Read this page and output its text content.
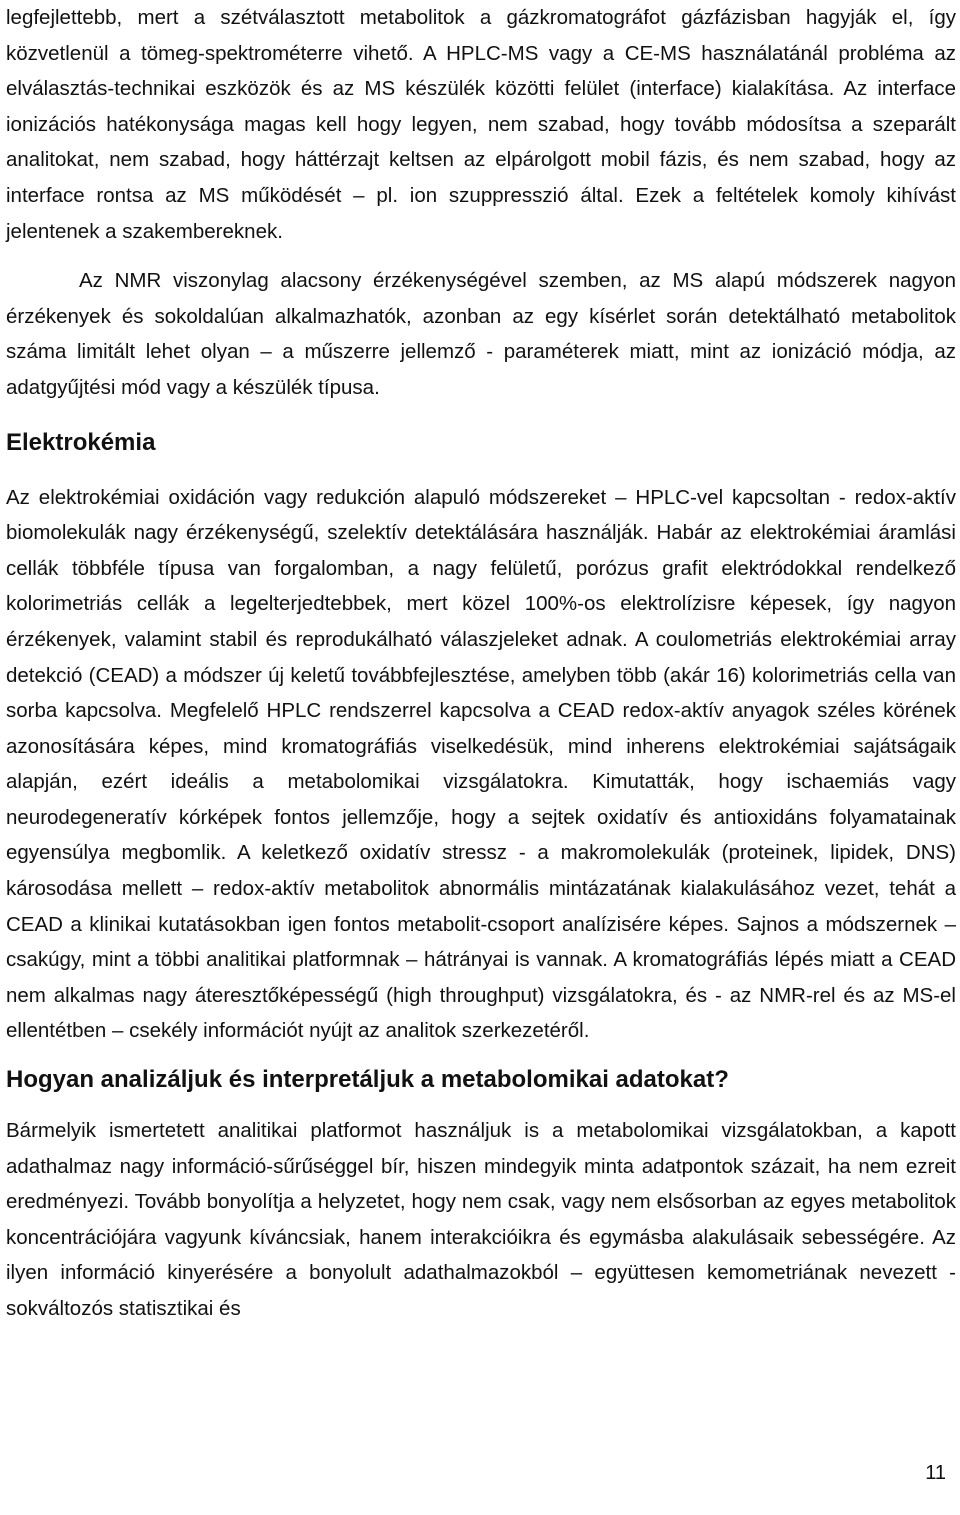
legfejlettebb, mert a szétválasztott metabolitok a gázkromatográfot gázfázisban hagyják el, így közvetlenül a tömeg-spektrométerre vihető. A HPLC-MS vagy a CE-MS használatánál probléma az elválasztás-technikai eszközök és az MS készülék közötti felület (interface) kialakítása. Az interface ionizációs hatékonysága magas kell hogy legyen, nem szabad, hogy tovább módosítsa a szeparált analitokat, nem szabad, hogy háttérzajt keltsen az elpárolgott mobil fázis, és nem szabad, hogy az interface rontsa az MS működését – pl. ion szuppresszió által. Ezek a feltételek komoly kihívást jelentenek a szakembereknek.

Az NMR viszonylag alacsony érzékenységével szemben, az MS alapú módszerek nagyon érzékenyek és sokoldalúan alkalmazhatók, azonban az egy kísérlet során detektálható metabolitok száma limitált lehet olyan – a műszerre jellemző - paraméterek miatt, mint az ionizáció módja, az adatgyűjtési mód vagy a készülék típusa.

Elektrokémia

Az elektrokémiai oxidáción vagy redukción alapuló módszereket – HPLC-vel kapcsoltan - redox-aktív biomolekulák nagy érzékenységű, szelektív detektálására használják. Habár az elektrokémiai áramlási cellák többféle típusa van forgalomban, a nagy felületű, porózus grafit elektródokkal rendelkező kolorimetriás cellák a legelterjedtebbek, mert közel 100%-os elektrolízisre képesek, így nagyon érzékenyek, valamint stabil és reprodukálható válaszjeleket adnak. A coulometriás elektrokémiai array detekció (CEAD) a módszer új keletű továbbfejlesztése, amelyben több (akár 16) kolorimetriás cella van sorba kapcsolva. Megfelelő HPLC rendszerrel kapcsolva a CEAD redox-aktív anyagok széles körének azonosítására képes, mind kromatográfiás viselkedésük, mind inherens elektrokémiai sajátságaik alapján, ezért ideális a metabolomikai vizsgálatokra. Kimutatták, hogy ischaemiás vagy neurodegeneratív kórképek fontos jellemzője, hogy a sejtek oxidatív és antioxidáns folyamatainak egyensúlya megbomlik. A keletkező oxidatív stressz - a makromolekulák (proteinek, lipidek, DNS) károsodása mellett – redox-aktív metabolitok abnormális mintázatának kialakulásához vezet, tehát a CEAD a klinikai kutatásokban igen fontos metabolit-csoport analízisére képes. Sajnos a módszernek – csakúgy, mint a többi analitikai platformnak – hátrányai is vannak. A kromatográfiás lépés miatt a CEAD nem alkalmas nagy áteresztőképességű (high throughput) vizsgálatokra, és - az NMR-rel és az MS-el ellentétben – csekély információt nyújt az analitok szerkezetéről.

Hogyan analizáljuk és interpretáljuk a metabolomikai adatokat?

Bármelyik ismertetett analitikai platformot használjuk is a metabolomikai vizsgálatokban, a kapott adathalmaz nagy információ-sűrűséggel bír, hiszen mindegyik minta adatpontok százait, ha nem ezreit eredményezi. Tovább bonyolítja a helyzetet, hogy nem csak, vagy nem elsősorban az egyes metabolitok koncentrációjára vagyunk kíváncsiak, hanem interakcióikra és egymásba alakulásaik sebességére. Az ilyen információ kinyerésére a bonyolult adathalmazokból – együttesen kemometriának nevezett - sokváltozós statisztikai és

11
